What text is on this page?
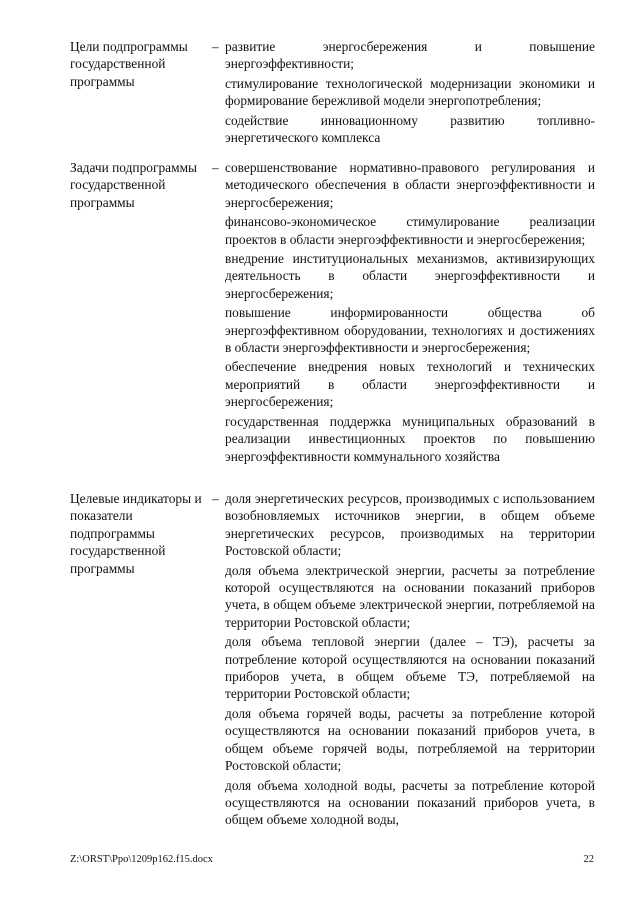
Цели подпрограммы государственной программы
– развитие энергосбережения и повышение энергоэффективности;

стимулирование технологической модернизации экономики и формирование бережливой модели энергопотребления;

содействие инновационному развитию топливно-энергетического комплекса

Задачи подпрограммы государственной программы
– совершенствование нормативно-правового регулирования и методического обеспечения в области энергоэффективности и энергосбережения;

финансово-экономическое стимулирование реализации проектов в области энергоэффективности и энергосбережения;

внедрение институциональных механизмов, активизирующих деятельность в области энергоэффективности и энергосбережения;

повышение информированности общества об энергоэффективном оборудовании, технологиях и достижениях в области энергоэффективности и энергосбережения;

обеспечение внедрения новых технологий и технических мероприятий в области энергоэффективности и энергосбережения;

государственная поддержка муниципальных образований в реализации инвестиционных проектов по повышению энергоэффективности коммунального хозяйства

Целевые индикаторы и показатели подпрограммы государственной программы
– доля энергетических ресурсов, производимых с использованием возобновляемых источников энергии, в общем объеме энергетических ресурсов, производимых на территории Ростовской области;

доля объема электрической энергии, расчеты за потребление которой осуществляются на основании показаний приборов учета, в общем объеме электрической энергии, потребляемой на территории Ростовской области;

доля объема тепловой энергии (далее – ТЭ), расчеты за потребление которой осуществляются на основании показаний приборов учета, в общем объеме ТЭ, потребляемой на территории Ростовской области;

доля объема горячей воды, расчеты за потребление которой осуществляются на основании показаний приборов учета, в общем объеме горячей воды, потребляемой на территории Ростовской области;

доля объема холодной воды, расчеты за потребление которой осуществляются на основании показаний приборов учета, в общем объеме холодной воды,

Z:\ORST\Ppo\1209p162.f15.docx	22
